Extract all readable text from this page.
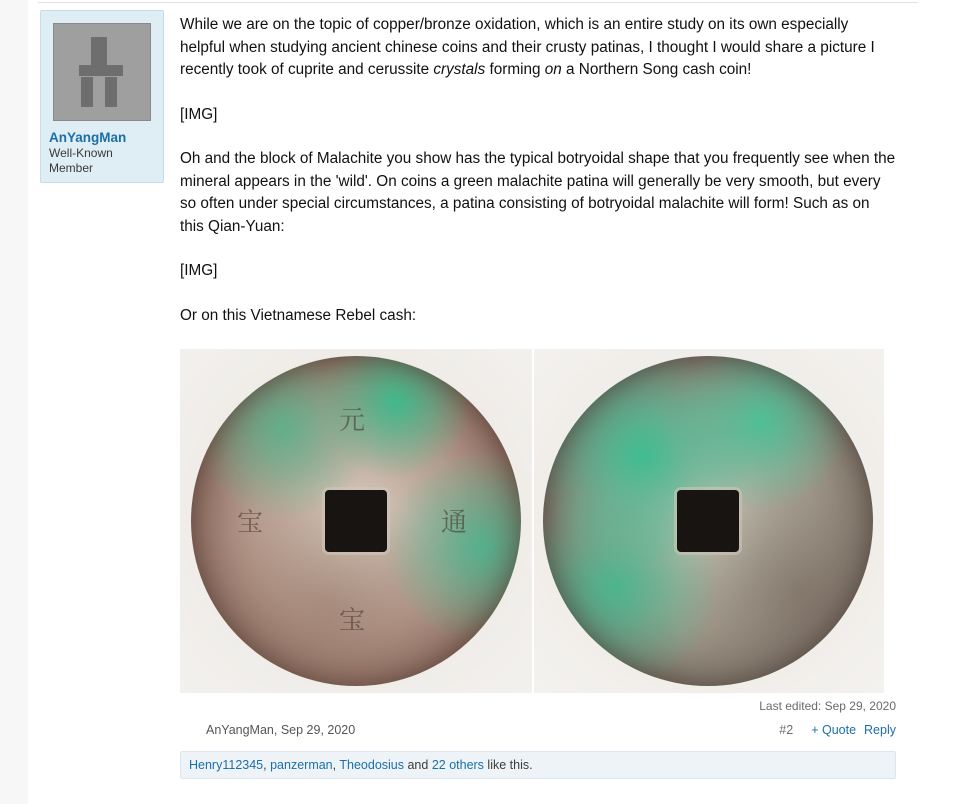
AnYangMan
Well-Known Member

While we are on the topic of copper/bronze oxidation, which is an entire study on its own especially helpful when studying ancient chinese coins and their crusty patinas, I thought I would share a picture I recently took of cuprite and cerussite crystals forming on a Northern Song cash coin!

[IMG]

Oh and the block of Malachite you show has the typical botryoidal shape that you frequently see when the mineral appears in the 'wild'. On coins a green malachite patina will generally be very smooth, but every so often under special circumstances, a patina consisting of botryoidal malachite will form! Such as on this Qian-Yuan:

[IMG]

Or on this Vietnamese Rebel cash:

元
宝	通
宝
Last edited: Sep 29, 2020
AnYangMan, Sep 29, 2020	#2 + Quote Reply
Henry112345, panzerman, Theodosius and 22 others like this.
